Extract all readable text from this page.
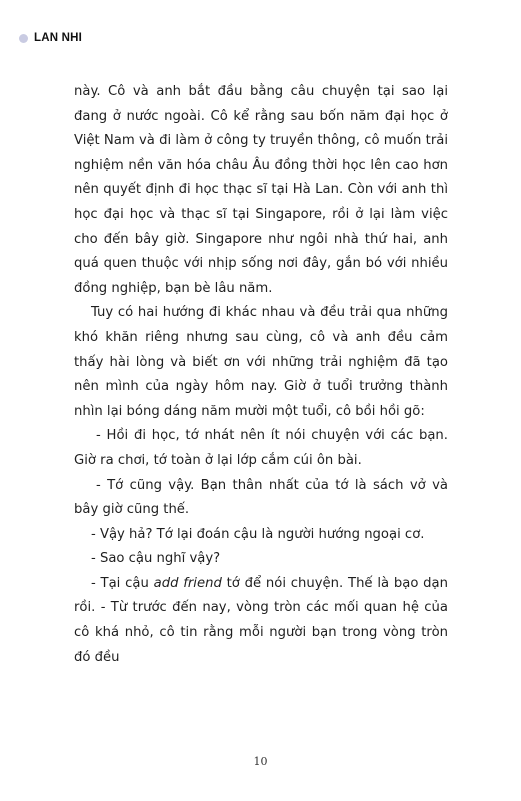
LAN NHI

này. Cô và anh bắt đầu bằng câu chuyện tại sao lại đang ở nước ngoài. Cô kể rằng sau bốn năm đại học ở Việt Nam và đi làm ở công ty truyền thông, cô muốn trải nghiệm nền văn hóa châu Âu đồng thời học lên cao hơn nên quyết định đi học thạc sĩ tại Hà Lan. Còn với anh thì học đại học và thạc sĩ tại Singapore, rồi ở lại làm việc cho đến bây giờ. Singapore như ngôi nhà thứ hai, anh quá quen thuộc với nhịp sống nơi đây, gắn bó với nhiều đồng nghiệp, bạn bè lâu năm.

Tuy có hai hướng đi khác nhau và đều trải qua những khó khăn riêng nhưng sau cùng, cô và anh đều cảm thấy hài lòng và biết ơn với những trải nghiệm đã tạo nên mình của ngày hôm nay. Giờ ở tuổi trưởng thành nhìn lại bóng dáng năm mười một tuổi, cô bồi hồi gõ:

- Hồi đi học, tớ nhát nên ít nói chuyện với các bạn. Giờ ra chơi, tớ toàn ở lại lớp cắm cúi ôn bài.

- Tớ cũng vậy. Bạn thân nhất của tớ là sách vở và bây giờ cũng thế.

- Vậy hả? Tớ lại đoán cậu là người hướng ngoại cơ.

- Sao cậu nghĩ vậy?

- Tại cậu add friend tớ để nói chuyện. Thế là bạo dạn rồi. - Từ trước đến nay, vòng tròn các mối quan hệ của cô khá nhỏ, cô tin rằng mỗi người bạn trong vòng tròn đó đều

10
